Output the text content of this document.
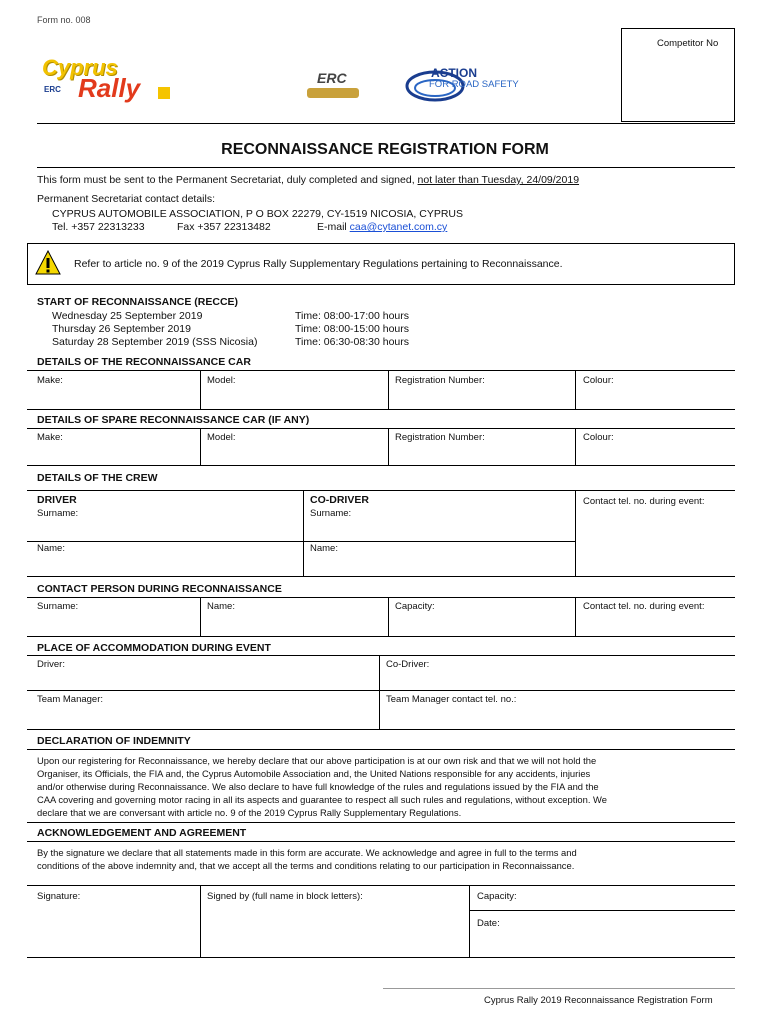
Form no. 008
Competitor No
Cyprus
Rally
ERC
ERC	ACTION
FOR ROAD SAFETY
RECONNAISSANCE REGISTRATION FORM
This form must be sent to the Permanent Secretariat, duly completed and signed, not later than Tuesday, 24/09/2019
Permanent Secretariat contact details:
CYPRUS AUTOMOBILE ASSOCIATION, P O BOX 22279, CY-1519 NICOSIA, CYPRUS
Tel. +357 22313233	Fax +357 22313482	E-mail caa@cytanet.com.cy
Refer to article no. 9 of the 2019 Cyprus Rally Supplementary Regulations pertaining to Reconnaissance.
START OF RECONNAISSANCE (RECCE)
Wednesday 25 September 2019	Time: 08:00-17:00 hours
Thursday 26 September 2019	Time: 08:00-15:00 hours
Saturday 28 September 2019 (SSS Nicosia)	Time: 06:30-08:30 hours
DETAILS OF THE RECONNAISSANCE CAR
Make:	Model:	Registration Number:	Colour:
DETAILS OF SPARE RECONNAISSANCE CAR (IF ANY)
Make:	Model:	Registration Number:	Colour:
DETAILS OF THE CREW
DRIVER
Surname:
Name:
CO-DRIVER
Surname:
Name:
Contact tel. no. during event:
CONTACT PERSON DURING RECONNAISSANCE
Surname:	Name:	Capacity:	Contact tel. no. during event:
PLACE OF ACCOMMODATION DURING EVENT
Driver:	Co-Driver:
Team Manager:	Team Manager contact tel. no.:
DECLARATION OF INDEMNITY
Upon our registering for Reconnaissance, we hereby declare that our above participation is at our own risk and that we will not hold the
Organiser, its Officials, the FIA and, the Cyprus Automobile Association and, the United Nations responsible for any accidents, injuries
and/or otherwise during Reconnaissance. We also declare to have full knowledge of the rules and regulations issued by the FIA and the
CAA covering and governing motor racing in all its aspects and guarantee to respect all such rules and regulations, without exception. We
declare that we are conversant with article no. 9 of the 2019 Cyprus Rally Supplementary Regulations.
ACKNOWLEDGEMENT AND AGREEMENT
By the signature we declare that all statements made in this form are accurate. We acknowledge and agree in full to the terms and
conditions of the above indemnity and, that we accept all the terms and conditions relating to our participation in Reconnaissance.
Signature:	Signed by (full name in block letters):	Capacity:
Date:
Cyprus Rally 2019 Reconnaissance Registration Form
